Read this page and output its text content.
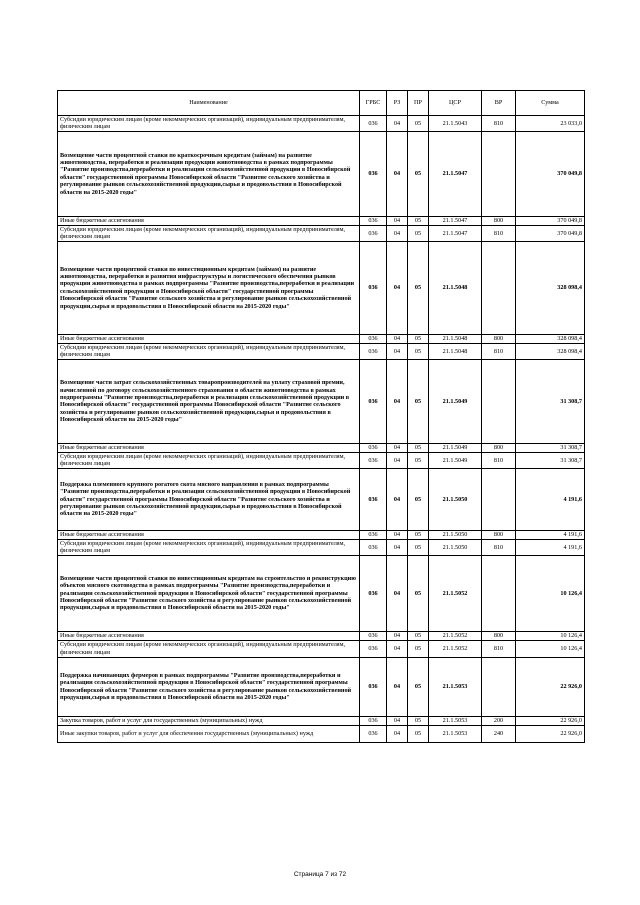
Наименование	ГРБС	РЗ	ПР	ЦСР	ВР	Сумма
Субсидии юридическим лицам (кроме некоммерческих организаций), индивидуальным предпринимателям, физическим лицам	036	04	05	21.1.5043	810	23 033,0
Возмещение части процентной ставки по краткосрочным кредитам (займам) на развитие животноводства, переработки и реализации продукции животноводства в рамках подпрограммы "Развитие производства,переработки и реализации сельскохозяйственной продукции в Новосибирской области" государственной программы Новосибирской области "Развитие сельского хозяйства и регулирование рынков сельскохозяйственной продукции,сырья и продовольствия в Новосибирской области на 2015-2020 годы"	036	04	05	21.1.5047		370 049,8
Иные бюджетные ассигнования	036	04	05	21.1.5047	800	370 049,8
Субсидии юридическим лицам (кроме некоммерческих организаций), индивидуальным предпринимателям, физическим лицам	036	04	05	21.1.5047	810	370 049,8
Возмещение части процентной ставки по инвестиционным кредитам (займам) на развитие животноводства, переработки и развития инфраструктуры и логистического обеспечения рынков продукции животноводства в рамках подпрограммы "Развитие производства,переработки и реализации сельскохозяйственной продукции в Новосибирской области" государственной программы Новосибирской области "Развитие сельского хозяйства и регулирование рынков сельскохозяйственной продукции,сырья и продовольствия в Новосибирской области на 2015-2020 годы"	036	04	05	21.1.5048		328 098,4
Иные бюджетные ассигнования	036	04	05	21.1.5048	800	328 098,4
Субсидии юридическим лицам (кроме некоммерческих организаций), индивидуальным предпринимателям, физическим лицам	036	04	05	21.1.5048	810	328 098,4
Возмещение части затрат сельскохозяйственных товаропроизводителей на уплату страховой премии, начисленной по договору сельскохозяйственного страхования в области животноводства в рамках подпрограммы "Развитие производства,переработки и реализации сельскохозяйственной продукции в Новосибирской области" государственной программы Новосибирской области "Развитие сельского хозяйства и регулирование рынков сельскохозяйственной продукции,сырья и продовольствия в Новосибирской области на 2015-2020 годы"	036	04	05	21.1.5049		31 308,7
Иные бюджетные ассигнования	036	04	05	21.1.5049	800	31 308,7
Субсидии юридическим лицам (кроме некоммерческих организаций), индивидуальным предпринимателям, физическим лицам	036	04	05	21.1.5049	810	31 308,7
Поддержка племенного крупного рогатого скота мясного направления в рамках подпрограммы "Развитие производства,переработки и реализации сельскохозяйственной продукции в Новосибирской области" государственной программы Новосибирской области "Развитие сельского хозяйства и регулирование рынков сельскохозяйственной продукции,сырья и продовольствия в Новосибирской области на 2015-2020 годы"	036	04	05	21.1.5050		4 191,6
Иные бюджетные ассигнования	036	04	05	21.1.5050	800	4 191,6
Субсидии юридическим лицам (кроме некоммерческих организаций), индивидуальным предпринимателям, физическим лицам	036	04	05	21.1.5050	810	4 191,6
Возмещение части процентной ставки по инвестиционным кредитам на строительство и реконструкцию объектов мясного скотоводства в рамках подпрограммы "Развитие производства,переработки и реализации сельскохозяйственной продукции в Новосибирской области" государственной программы Новосибирской области "Развитие сельского хозяйства и регулирование рынков сельскохозяйственной продукции,сырья и продовольствия в Новосибирской области на 2015-2020 годы"	036	04	05	21.1.5052		10 126,4
Иные бюджетные ассигнования	036	04	05	21.1.5052	800	10 126,4
Субсидии юридическим лицам (кроме некоммерческих организаций), индивидуальным предпринимателям, физическим лицам	036	04	05	21.1.5052	810	10 126,4
Поддержка начинающих фермеров в рамках подпрограммы "Развитие производства,переработки и реализации сельскохозяйственной продукции в Новосибирской области" государственной программы Новосибирской области "Развитие сельского хозяйства и регулирование рынков сельскохозяйственной продукции,сырья и продовольствия в Новосибирской области на 2015-2020 годы"	036	04	05	21.1.5053		22 926,0
Закупка товаров, работ и услуг для государственных (муниципальных) нужд	036	04	05	21.1.5053	200	22 926,0
Иные закупки товаров, работ и услуг для обеспечения государственных (муниципальных) нужд	036	04	05	21.1.5053	240	22 926,0
Страница 7 из 72
